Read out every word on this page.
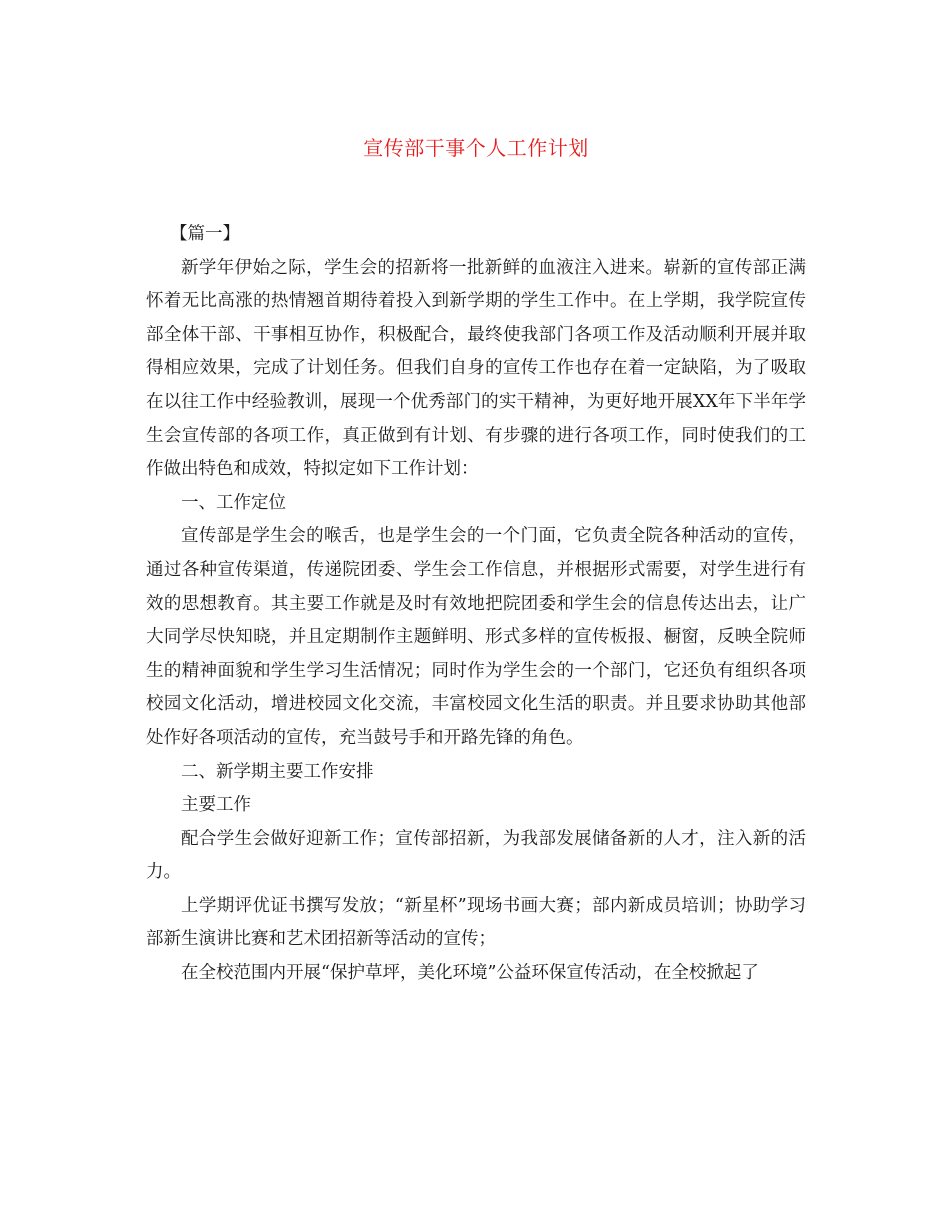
宣传部干事个人工作计划

【篇一】

新学年伊始之际，学生会的招新将一批新鲜的血液注入进来。崭新的宣传部正满怀着无比高涨的热情翘首期待着投入到新学期的学生工作中。在上学期，我学院宣传部全体干部、干事相互协作，积极配合，最终使我部门各项工作及活动顺利开展并取得相应效果，完成了计划任务。但我们自身的宣传工作也存在着一定缺陷，为了吸取在以往工作中经验教训，展现一个优秀部门的实干精神，为更好地开展XX年下半年学生会宣传部的各项工作，真正做到有计划、有步骤的进行各项工作，同时使我们的工作做出特色和成效，特拟定如下工作计划：

一、工作定位

宣传部是学生会的喉舌，也是学生会的一个门面，它负责全院各种活动的宣传，通过各种宣传渠道，传递院团委、学生会工作信息，并根据形式需要，对学生进行有效的思想教育。其主要工作就是及时有效地把院团委和学生会的信息传达出去，让广大同学尽快知晓，并且定期制作主题鲜明、形式多样的宣传板报、橱窗，反映全院师生的精神面貌和学生学习生活情况；同时作为学生会的一个部门，它还负有组织各项校园文化活动，增进校园文化交流，丰富校园文化生活的职责。并且要求协助其他部处作好各项活动的宣传，充当鼓号手和开路先锋的角色。

二、新学期主要工作安排

主要工作

配合学生会做好迎新工作；宣传部招新，为我部发展储备新的人才，注入新的活力。

上学期评优证书撰写发放；“新星杯”现场书画大赛；部内新成员培训；协助学习部新生演讲比赛和艺术团招新等活动的宣传；

在全校范围内开展“保护草坪，美化环境”公益环保宣传活动，在全校掀起了
